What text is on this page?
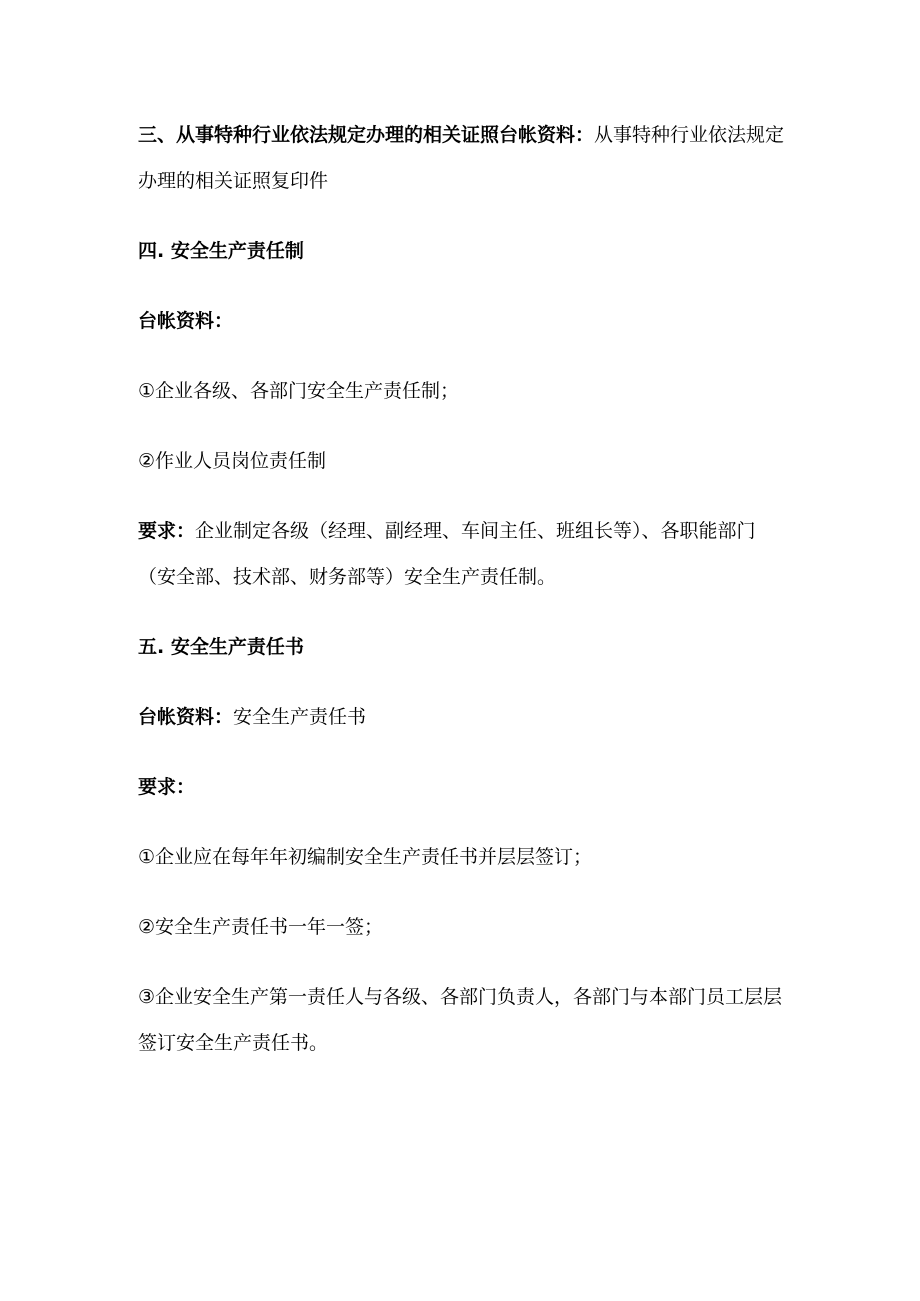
三、从事特种行业依法规定办理的相关证照台帐资料：从事特种行业依法规定办理的相关证照复印件

四. 安全生产责任制

台帐资料：

①企业各级、各部门安全生产责任制；

②作业人员岗位责任制

要求：企业制定各级（经理、副经理、车间主任、班组长等）、各职能部门（安全部、技术部、财务部等）安全生产责任制。

五. 安全生产责任书

台帐资料：安全生产责任书

要求：

①企业应在每年年初编制安全生产责任书并层层签订；

②安全生产责任书一年一签；

③企业安全生产第一责任人与各级、各部门负责人，各部门与本部门员工层层签订安全生产责任书。
